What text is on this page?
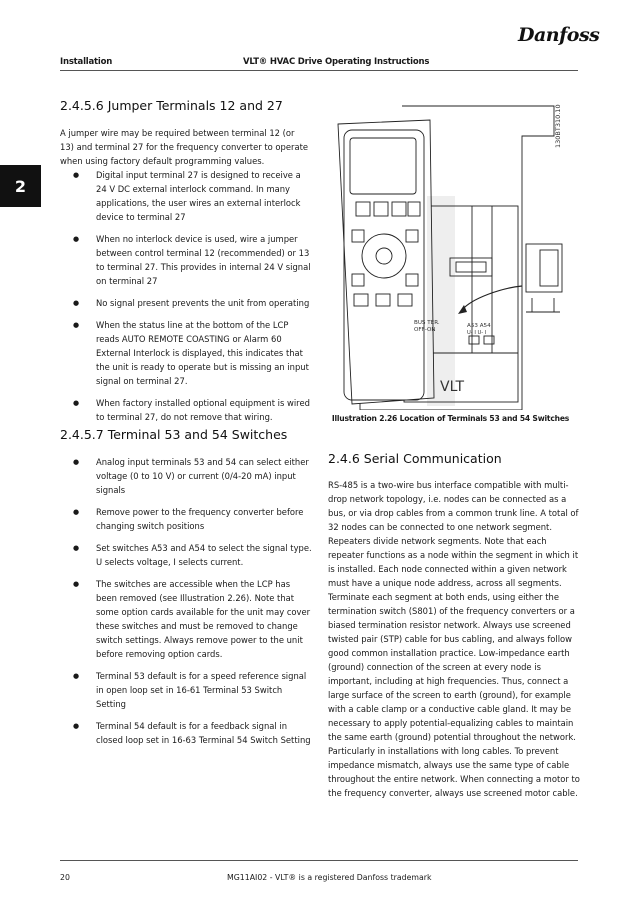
Danfoss
Installation	VLT® HVAC Drive Operating Instructions
2
2.4.5.6 Jumper Terminals 12 and 27
A jumper wire may be required between terminal 12 (or 13) and terminal 27 for the frequency converter to operate when using factory default programming values.
● Digital input terminal 27 is designed to receive a 24 V DC external interlock command. In many applications, the user wires an external interlock device to terminal 27
● When no interlock device is used, wire a jumper between control terminal 12 (recommended) or 13 to terminal 27. This provides in internal 24 V signal on terminal 27
● No signal present prevents the unit from operating
● When the status line at the bottom of the LCP reads AUTO REMOTE COASTING or Alarm 60 External Interlock is displayed, this indicates that the unit is ready to operate but is missing an input signal on terminal 27.
● When factory installed optional equipment is wired to terminal 27, do not remove that wiring.
2.4.5.7 Terminal 53 and 54 Switches
● Analog input terminals 53 and 54 can select either voltage (0 to 10 V) or current (0/4-20 mA) input signals
● Remove power to the frequency converter before changing switch positions
● Set switches A53 and A54 to select the signal type. U selects voltage, I selects current.
● The switches are accessible when the LCP has been removed (see Illustration 2.26). Note that some option cards available for the unit may cover these switches and must be removed to change switch settings. Always remove power to the unit before removing option cards.
● Terminal 53 default is for a speed reference signal in open loop set in 16-61 Terminal 53 Switch Setting
● Terminal 54 default is for a feedback signal in closed loop set in 16-63 Terminal 54 Switch Setting
130BT310.10
BUS TER.
OFF-ON
A53 A54
U- I U- I
VLT
Illustration 2.26 Location of Terminals 53 and 54 Switches
2.4.6 Serial Communication
RS-485 is a two-wire bus interface compatible with multi-drop network topology, i.e. nodes can be connected as a bus, or via drop cables from a common trunk line. A total of 32 nodes can be connected to one network segment. Repeaters divide network segments. Note that each repeater functions as a node within the segment in which it is installed. Each node connected within a given network must have a unique node address, across all segments. Terminate each segment at both ends, using either the termination switch (S801) of the frequency converters or a biased termination resistor network. Always use screened twisted pair (STP) cable for bus cabling, and always follow good common installation practice. Low-impedance earth (ground) connection of the screen at every node is important, including at high frequencies. Thus, connect a large surface of the screen to earth (ground), for example with a cable clamp or a conductive cable gland. It may be necessary to apply potential-equalizing cables to maintain the same earth (ground) potential throughout the network. Particularly in installations with long cables. To prevent impedance mismatch, always use the same type of cable throughout the entire network. When connecting a motor to the frequency converter, always use screened motor cable.
20	MG11AI02 - VLT® is a registered Danfoss trademark
